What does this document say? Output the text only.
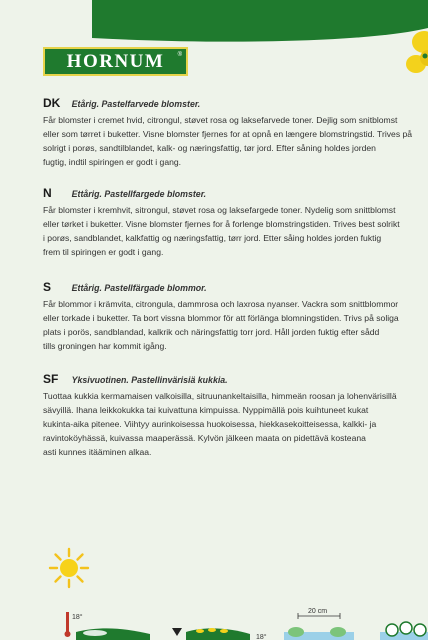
HORNUM ®
DK Etårig. Pastelfarvede blomster.
Får blomster i cremet hvid, citrongul, støvet rosa og laksefarvede toner. Dejlig som snitblomst
eller som tørret i buketter. Visne blomster fjernes for at opnå en længere blomstringstid. Trives på
solrigt i porøs, sandtilblandet, kalk- og næringsfattig, tør jord. Efter såning holdes jorden
fugtig, indtil spiringen er godt i gang.
N Ettårig. Pastellfargede blomster.
Får blomster i kremhvit, sitrongul, støvet rosa og laksefargede toner. Nydelig som snittblomst
eller tørket i buketter. Visne blomster fjernes for å forlenge blomstringstiden. Trives best solrikt
i porøs, sandblandet, kalkfattig og næringsfattig, tørr jord. Etter såing holdes jorden fuktig
frem til spiringen er godt i gang.
S Ettårig. Pastellfärgade blommor.
Får blommor i krämvita, citrongula, dammrosa och laxrosa nyanser. Vackra som snittblommor
eller torkade i buketter. Ta bort vissna blommor för att förlänga blomningstiden. Trivs på soliga
plats i porös, sandblandad, kalkrik och näringsfattig torr jord. Håll jorden fuktig efter sådd
tills groningen har kommit igång.
SF Yksivuotinen. Pastellinvärisiä kukkia.
Tuottaa kukkia kermamaisen valkoisilla, sitruunankeltaisilla, himmeän roosan ja lohenvärisillä
sävyillä. Ihana leikkokukka tai kuivattuna kimpuissa. Nyppimällä pois kuihtuneet kukat
kukinta-aika pitenee. Viihtyy aurinkoisessa huokoisessa, hiekkasekoitteisessa, kalkki- ja
ravintoköyhässä, kuivassa maaperässä. Kylvön jälkeen maata on pidettävä kosteana
asti kunnes itääminen alkaa.
18°
18°
20 cm
